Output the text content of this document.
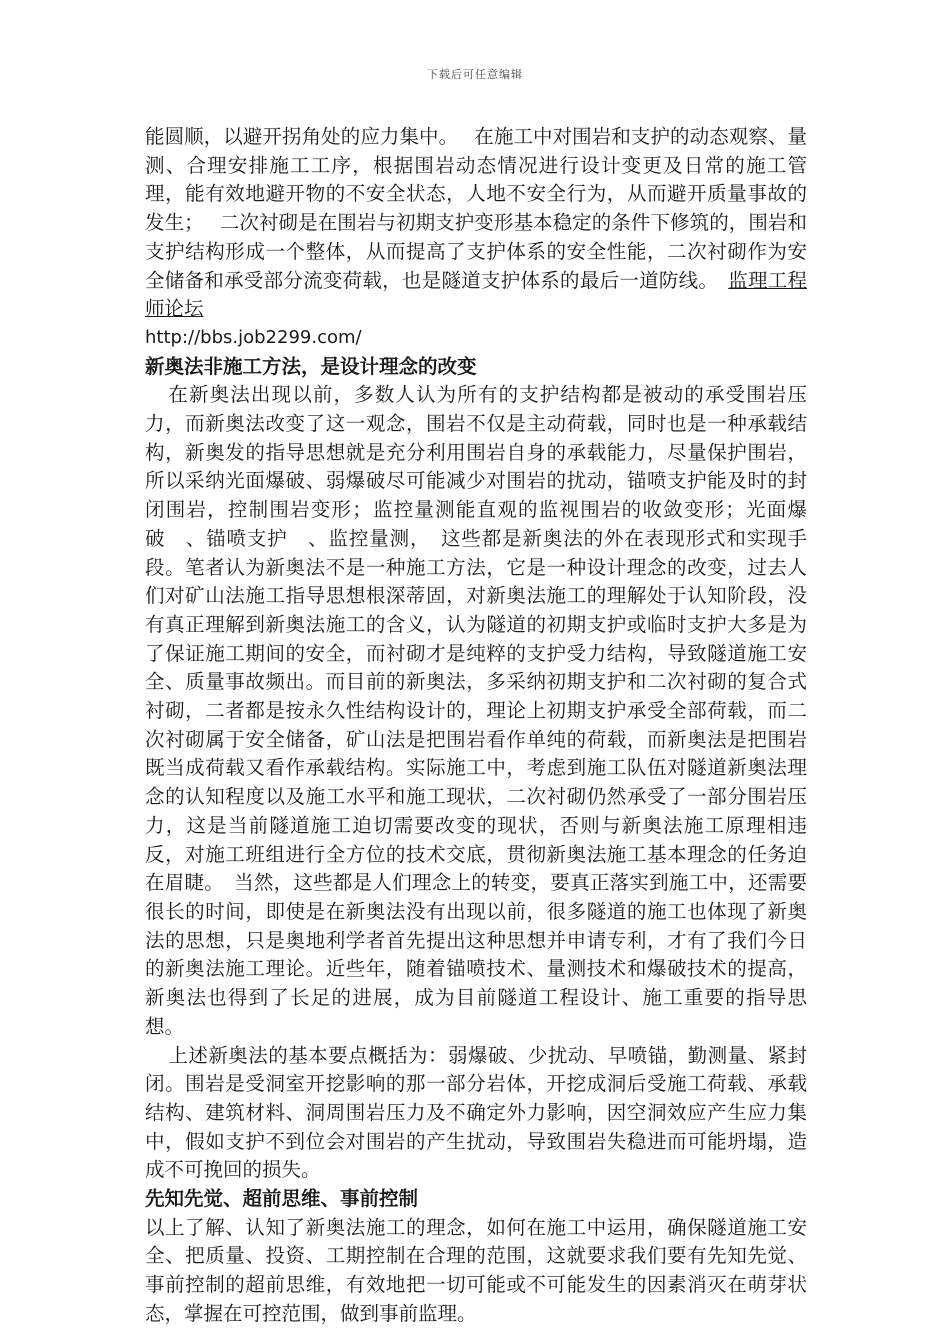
下载后可任意编辑

能圆顺，以避开拐角处的应力集中。　 在施工中对围岩和支护的动态观察、量测、合理安排施工工序，根据围岩动态情况进行设计变更及日常的施工管理，能有效地避开物的不安全状态，人地不安全行为，从而避开质量事故的发生；　 二次衬砌是在围岩与初期支护变形基本稳定的条件下修筑的，围岩和支护结构形成一个整体，从而提高了支护体系的安全性能，二次衬砌作为安全储备和承受部分流变荷载，也是隧道支护体系的最后一道防线。　监理工程师论坛

http://bbs.job2299.com/

新奥法非施工方法，是设计理念的改变

在新奥法出现以前，多数人认为所有的支护结构都是被动的承受围岩压力，而新奥法改变了这一观念，围岩不仅是主动荷载，同时也是一种承载结构，新奥发的指导思想就是充分利用围岩自身的承载能力，尽量保护围岩，所以采纳光面爆破、弱爆破尽可能减少对围岩的扰动，锚喷支护能及时的封闭围岩，控制围岩变形；监控量测能直观的监视围岩的收敛变形；光面爆破　、锚喷支护　、监控量测，　这些都是新奥法的外在表现形式和实现手段。笔者认为新奥法不是一种施工方法，它是一种设计理念的改变，过去人们对矿山法施工指导思想根深蒂固，对新奥法施工的理解处于认知阶段，没有真正理解到新奥法施工的含义，认为隧道的初期支护或临时支护大多是为了保证施工期间的安全，而衬砌才是纯粹的支护受力结构，导致隧道施工安全、质量事故频出。而目前的新奥法，多采纳初期支护和二次衬砌的复合式衬砌，二者都是按永久性结构设计的，理论上初期支护承受全部荷载，而二次衬砌属于安全储备，矿山法是把围岩看作单纯的荷载，而新奥法是把围岩既当成荷载又看作承载结构。实际施工中，考虑到施工队伍对隧道新奥法理念的认知程度以及施工水平和施工现状，二次衬砌仍然承受了一部分围岩压力，这是当前隧道施工迫切需要改变的现状，否则与新奥法施工原理相违反，对施工班组进行全方位的技术交底，贯彻新奥法施工基本理念的任务迫在眉睫。　当然，这些都是人们理念上的转变，要真正落实到施工中，还需要很长的时间，即使是在新奥法没有出现以前，很多隧道的施工也体现了新奥法的思想，只是奥地利学者首先提出这种思想并申请专利，才有了我们今日的新奥法施工理论。近些年，随着锚喷技术、量测技术和爆破技术的提高，新奥法也得到了长足的进展，成为目前隧道工程设计、施工重要的指导思想。

上述新奥法的基本要点概括为：弱爆破、少扰动、早喷锚，勤测量、紧封闭。围岩是受洞室开挖影响的那一部分岩体，开挖成洞后受施工荷载、承载结构、建筑材料、洞周围岩压力及不确定外力影响，因空洞效应产生应力集中，假如支护不到位会对围岩的产生扰动，导致围岩失稳进而可能坍塌，造成不可挽回的损失。

先知先觉、超前思维、事前控制

以上了解、认知了新奥法施工的理念，如何在施工中运用，确保隧道施工安全、把质量、投资、工期控制在合理的范围，这就要求我们要有先知先觉、事前控制的超前思维，有效地把一切可能或不可能发生的因素消灭在萌芽状态，掌握在可控范围，做到事前监理。
